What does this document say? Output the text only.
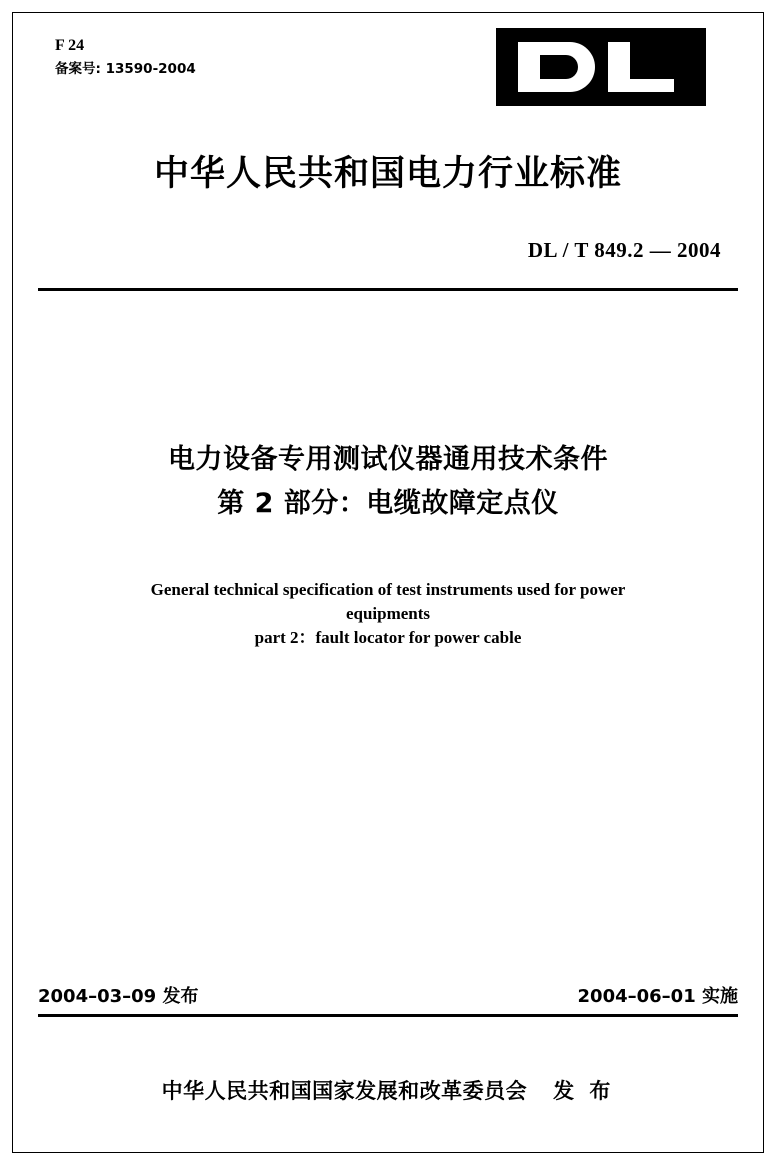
F 24
备案号: 13590-2004
中华人民共和国电力行业标准
DL / T 849.2 — 2004
电力设备专用测试仪器通用技术条件
第 2 部分：电缆故障定点仪
General technical specification of test instruments used for power
equipments
part 2：fault locator for power cable
2004–03–09 发布	2004–06–01 实施
中华人民共和国国家发展和改革委员会 发 布
